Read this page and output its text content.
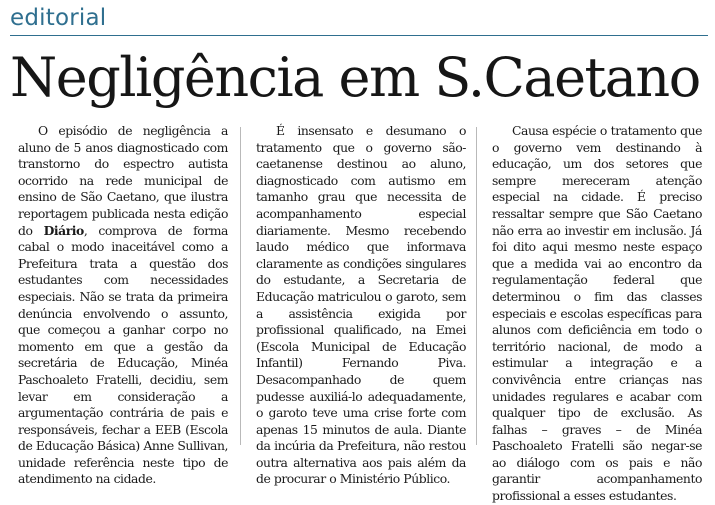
editorial
Negligência em S.Caetano

O episódio de negligência a aluno de 5 anos diagnosticado com transtorno do espectro autista ocorrido na rede municipal de ensino de São Caetano, que ilustra reportagem publicada nesta edição do Diário, comprova de forma cabal o modo inaceitável como a Prefeitura trata a questão dos estudantes com necessidades especiais. Não se trata da primeira denúncia envolvendo o assunto, que começou a ganhar corpo no momento em que a gestão da secretária de Educação, Minéa Paschoaleto Fratelli, decidiu, sem levar em consideração a argumentação contrária de pais e responsáveis, fechar a EEB (Escola de Educação Básica) Anne Sullivan, unidade referência neste tipo de atendimento na cidade.

É insensato e desumano o tratamento que o governo são-caetanense destinou ao aluno, diagnosticado com autismo em tamanho grau que necessita de acompanhamento especial diariamente. Mesmo recebendo laudo médico que informava claramente as condições singulares do estudante, a Secretaria de Educação matriculou o garoto, sem a assistência exigida por profissional qualificado, na Emei (Escola Municipal de Educação Infantil) Fernando Piva. Desacompanhado de quem pudesse auxiliá-lo adequadamente, o garoto teve uma crise forte com apenas 15 minutos de aula. Diante da incúria da Prefeitura, não restou outra alternativa aos pais além da de procurar o Ministério Público.

Causa espécie o tratamento que o governo vem destinando à educação, um dos setores que sempre mereceram atenção especial na cidade. É preciso ressaltar sempre que São Caetano não erra ao investir em inclusão. Já foi dito aqui mesmo neste espaço que a medida vai ao encontro da regulamentação federal que determinou o fim das classes especiais e escolas específicas para alunos com deficiência em todo o território nacional, de modo a estimular a integração e a convivência entre crianças nas unidades regulares e acabar com qualquer tipo de exclusão. As falhas – graves – de Minéa Paschoaleto Fratelli são negar-se ao diálogo com os pais e não garantir acompanhamento profissional a esses estudantes.
